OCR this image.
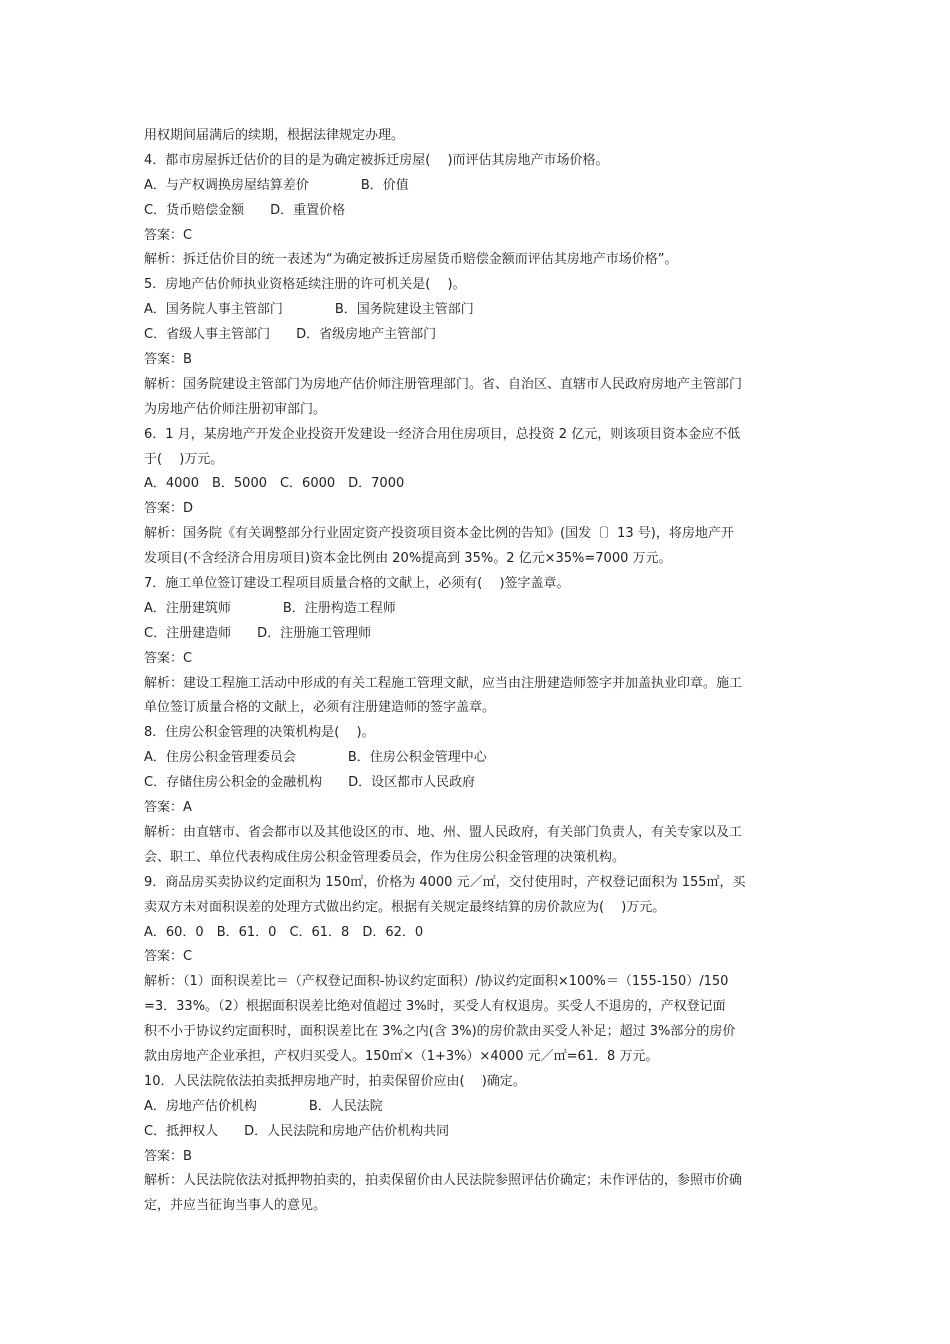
用权期间届满后的续期，根据法律规定办理。
4．都市房屋拆迁估价的目的是为确定被拆迁房屋(　 )而评估其房地产市场价格。
A．与产权调换房屋结算差价　　　　B．价值
C．货币赔偿金额　　D．重置价格
答案：C
解析：拆迁估价目的统一表述为“为确定被拆迁房屋货币赔偿金额而评估其房地产市场价格”。
5．房地产估价师执业资格延续注册的许可机关是(　 )。
A．国务院人事主管部门　　　　B．国务院建设主管部门
C．省级人事主管部门　　D．省级房地产主管部门
答案：B
解析：国务院建设主管部门为房地产估价师注册管理部门。省、自治区、直辖市人民政府房地产主管部门
为房地产估价师注册初审部门。
6．1 月，某房地产开发企业投资开发建设一经济合用住房项目，总投资 2 亿元，则该项目资本金应不低
于(　 )万元。
A．4000　B．5000　C．6000　D．7000
答案：D
解析：国务院《有关调整部分行业固定资产投资项目资本金比例的告知》(国发〔〕13 号)，将房地产开
发项目(不含经济合用房项目)资本金比例由 20%提高到 35%。2 亿元×35%=7000 万元。
7．施工单位签订建设工程项目质量合格的文献上，必须有(　 )签字盖章。
A．注册建筑师　　　　B．注册构造工程师
C．注册建造师　　D．注册施工管理师
答案：C
解析：建设工程施工活动中形成的有关工程施工管理文献，应当由注册建造师签字并加盖执业印章。施工
单位签订质量合格的文献上，必须有注册建造师的签字盖章。
8．住房公积金管理的决策机构是(　 )。
A．住房公积金管理委员会　　　　B．住房公积金管理中心
C．存储住房公积金的金融机构　　D．设区都市人民政府
答案：A
解析：由直辖市、省会都市以及其他设区的市、地、州、盟人民政府，有关部门负责人，有关专家以及工
会、职工、单位代表构成住房公积金管理委员会，作为住房公积金管理的决策机构。
9．商品房买卖协议约定面积为 150㎡，价格为 4000 元／㎡，交付使用时，产权登记面积为 155㎡，买
卖双方未对面积误差的处理方式做出约定。根据有关规定最终结算的房价款应为(　 )万元。
A．60．0　B．61．0　C．61．8　D．62．0
答案：C
解析：（1）面积误差比＝（产权登记面积-协议约定面积）/协议约定面积×100%＝（155-150）/150
=3．33%。（2）根据面积误差比绝对值超过 3%时，买受人有权退房。买受人不退房的，产权登记面
积不小于协议约定面积时，面积误差比在 3%之内(含 3%)的房价款由买受人补足；超过 3%部分的房价
款由房地产企业承担，产权归买受人。150㎡×（1+3%）×4000 元／㎡=61．8 万元。
10．人民法院依法拍卖抵押房地产时，拍卖保留价应由(　 )确定。
A．房地产估价机构　　　　B．人民法院
C．抵押权人　　D．人民法院和房地产估价机构共同
答案：B
解析：人民法院依法对抵押物拍卖的，拍卖保留价由人民法院参照评估价确定；未作评估的，参照市价确
定，并应当征询当事人的意见。
